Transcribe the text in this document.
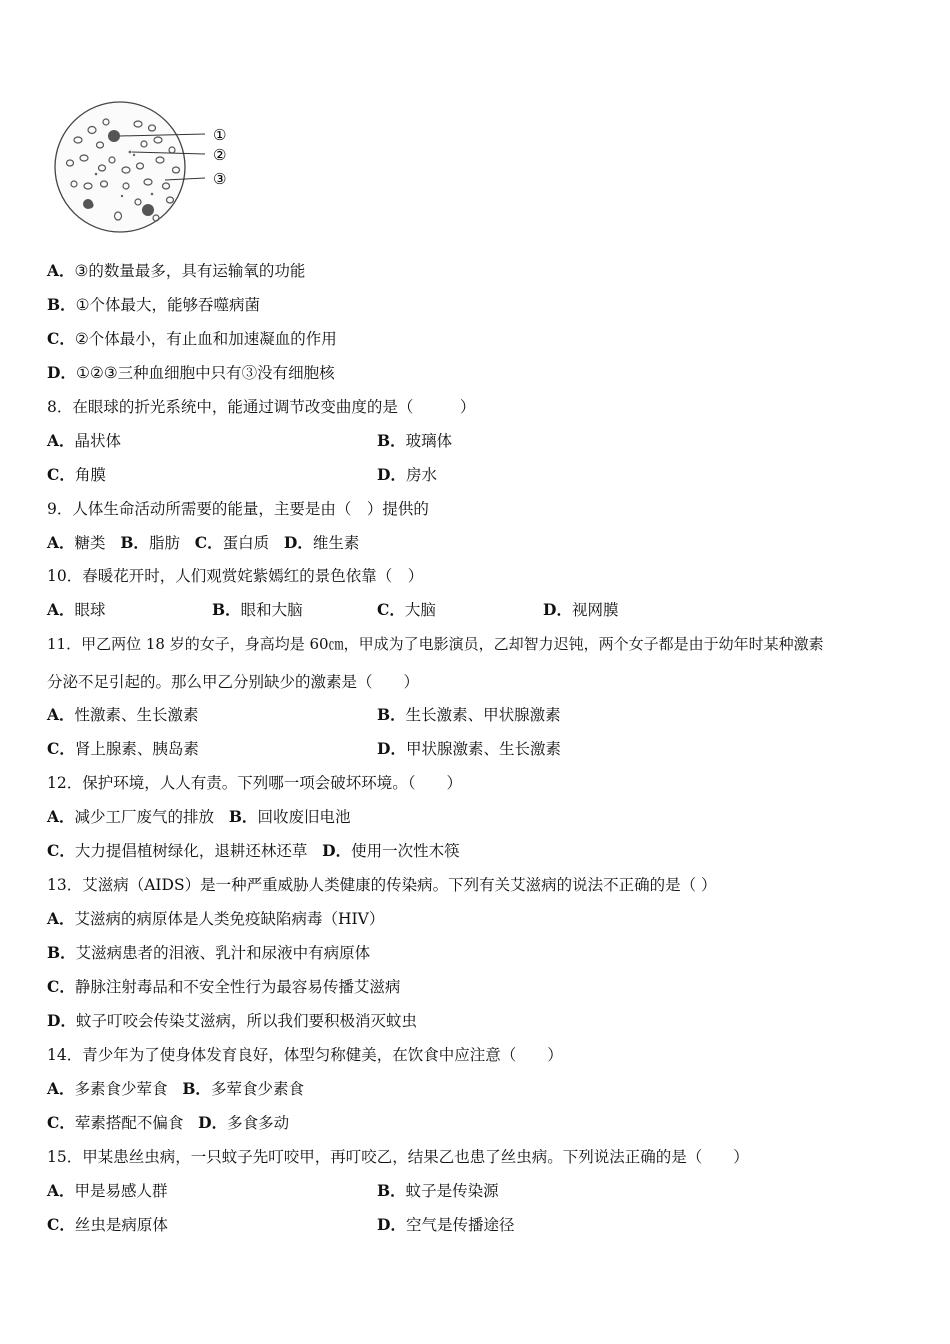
①
②
③
A．③的数量最多，具有运输氧的功能
B．①个体最大，能够吞噬病菌
C．②个体最小，有止血和加速凝血的作用
D．①②③三种血细胞中只有③没有细胞核
8．在眼球的折光系统中，能通过调节改变曲度的是（　　　）
A．晶状体	B．玻璃体
C．角膜	D．房水
9．人体生命活动所需要的能量，主要是由（　）提供的
A．糖类 B．脂肪 C．蛋白质 D．维生素
10．春暖花开时，人们观赏姹紫嫣红的景色依靠（　）
A．眼球	B．眼和大脑	C．大脑	D．视网膜
11．甲乙两位 18 岁的女子，身高均是 60㎝，甲成为了电影演员，乙却智力迟钝，两个女子都是由于幼年时某种激素
分泌不足引起的。那么甲乙分别缺少的激素是（　　）
A．性激素、生长激素	B．生长激素、甲状腺激素
C．肾上腺素、胰岛素	D．甲状腺激素、生长激素
12．保护环境，人人有责。下列哪一项会破坏环境。（　　）
A．减少工厂废气的排放 B．回收废旧电池
C．大力提倡植树绿化，退耕还林还草 D．使用一次性木筷
13．艾滋病（AIDS）是一种严重威胁人类健康的传染病。下列有关艾滋病的说法不正确的是（ ）
A．艾滋病的病原体是人类免疫缺陷病毒（HIV）
B．艾滋病患者的泪液、乳汁和尿液中有病原体
C．静脉注射毒品和不安全性行为最容易传播艾滋病
D．蚊子叮咬会传染艾滋病，所以我们要积极消灭蚊虫
14．青少年为了使身体发育良好，体型匀称健美，在饮食中应注意（　　）
A．多素食少荤食 B．多荤食少素食
C．荤素搭配不偏食 D．多食多动
15．甲某患丝虫病，一只蚊子先叮咬甲，再叮咬乙，结果乙也患了丝虫病。下列说法正确的是（　　）
A．甲是易感人群	B．蚊子是传染源
C．丝虫是病原体	D．空气是传播途径
